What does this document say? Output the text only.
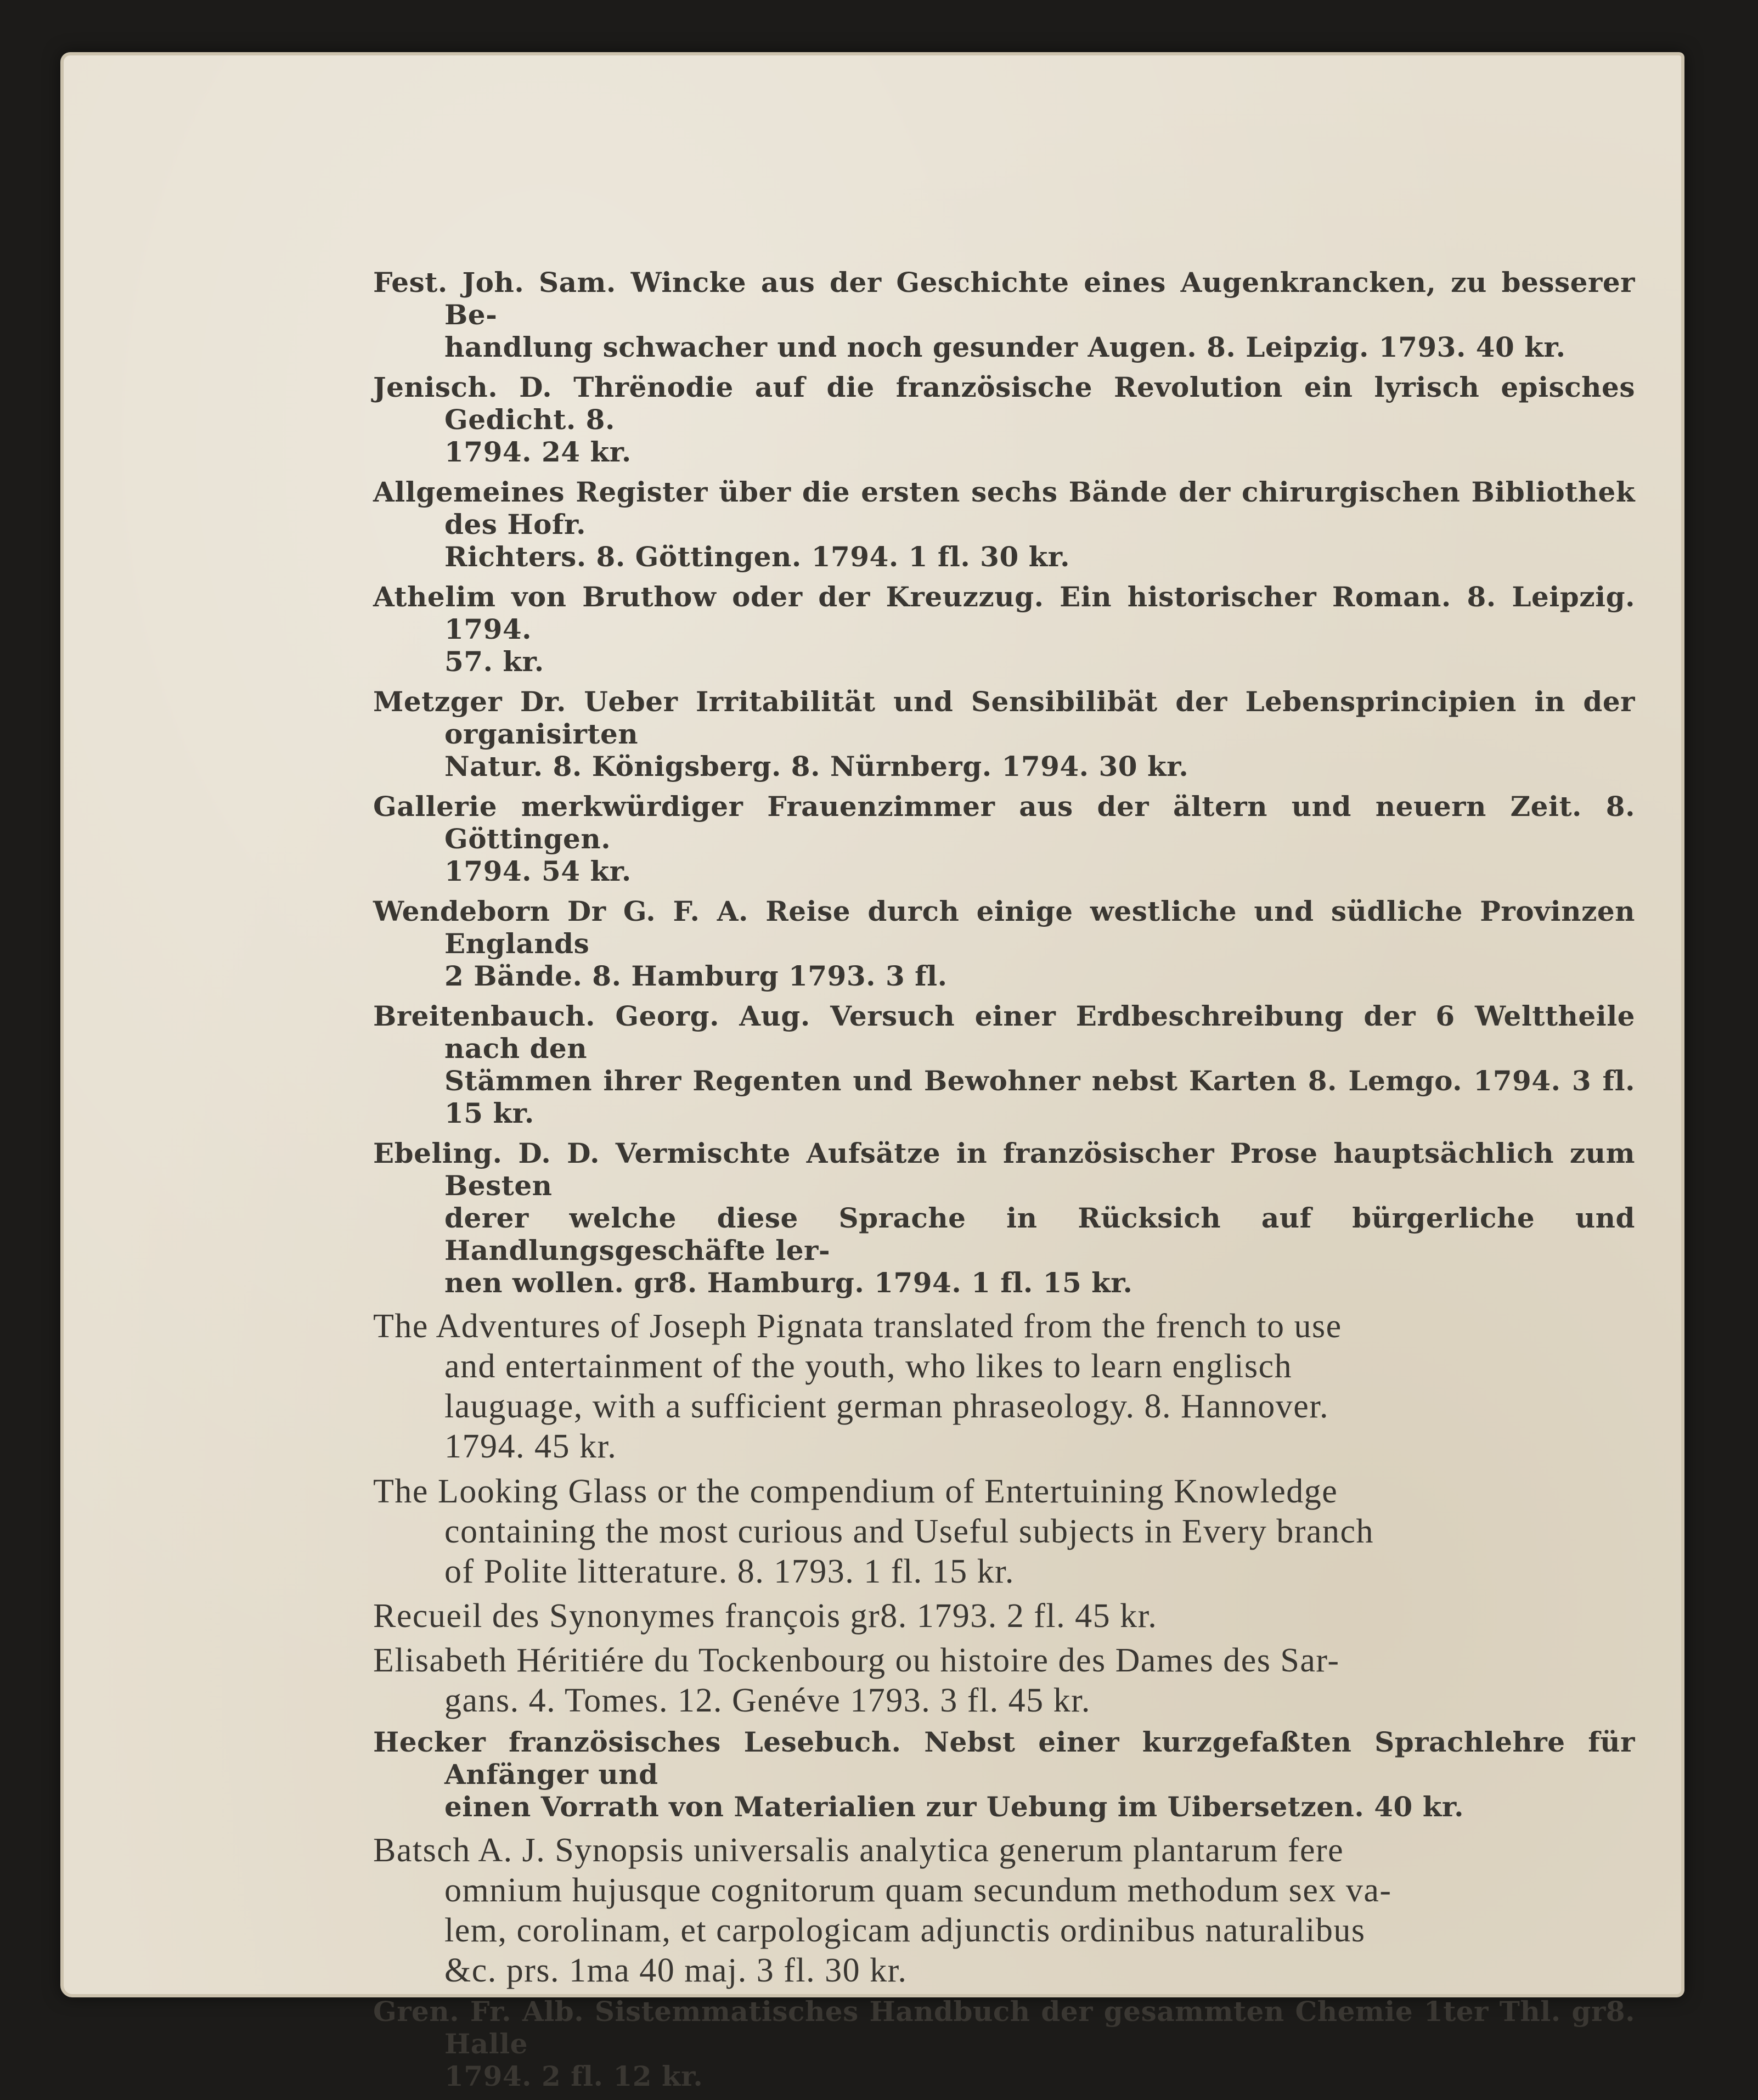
Fest. Joh. Sam. Wincke aus der Geschichte eines Augenkrancken, zu besserer Be-
handlung schwacher und noch gesunder Augen. 8. Leipzig. 1793. 40 kr.
Jenisch. D. Thrënodie auf die französische Revolution ein lyrisch episches Gedicht. 8.
1794. 24 kr.
Allgemeines Register über die ersten sechs Bände der chirurgischen Bibliothek des Hofr.
Richters. 8. Göttingen. 1794. 1 fl. 30 kr.
Athelim von Bruthow oder der Kreuzzug. Ein historischer Roman. 8. Leipzig. 1794.
57. kr.
Metzger Dr. Ueber Irritabilität und Sensibilibät der Lebensprincipien in der organisirten
Natur. 8. Königsberg. 8. Nürnberg. 1794. 30 kr.
Gallerie merkwürdiger Frauenzimmer aus der ältern und neuern Zeit. 8. Göttingen.
1794. 54 kr.
Wendeborn Dr G. F. A. Reise durch einige westliche und südliche Provinzen Englands
2 Bände. 8. Hamburg 1793. 3 fl.
Breitenbauch. Georg. Aug. Versuch einer Erdbeschreibung der 6 Welttheile nach den
Stämmen ihrer Regenten und Bewohner nebst Karten 8. Lemgo. 1794. 3 fl. 15 kr.
Ebeling. D. D. Vermischte Aufsätze in französischer Prose hauptsächlich zum Besten
derer welche diese Sprache in Rücksich auf bürgerliche und Handlungsgeschäfte ler-
nen wollen. gr8. Hamburg. 1794. 1 fl. 15 kr.
The Adventures of Joseph Pignata translated from the french to use
and entertainment of the youth, who likes to learn englisch
lauguage, with a sufficient german phraseology. 8. Hannover.
1794. 45 kr.
The Looking Glass or the compendium of Entertuining Knowledge
containing the most curious and Useful subjects in Every branch
of Polite litterature. 8. 1793. 1 fl. 15 kr.
Recueil des Synonymes françois gr8. 1793. 2 fl. 45 kr.
Elisabeth Héritiére du Tockenbourg ou histoire des Dames des Sar-
gans. 4. Tomes. 12. Genéve 1793. 3 fl. 45 kr.
Hecker französisches Lesebuch. Nebst einer kurzgefaßten Sprachlehre für Anfänger und
einen Vorrath von Materialien zur Uebung im Uibersetzen. 40 kr.
Batsch A. J. Synopsis universalis analytica generum plantarum fere
omnium hujusque cognitorum quam secundum methodum sex va-
lem, corolinam, et carpologicam adjunctis ordinibus naturalibus
&c. prs. 1ma 40 maj. 3 fl. 30 kr.
Gren. Fr. Alb. Sistemmatisches Handbuch der gesammten Chemie 1ter Thl. gr8. Halle
1794. 2 fl. 12 kr.
